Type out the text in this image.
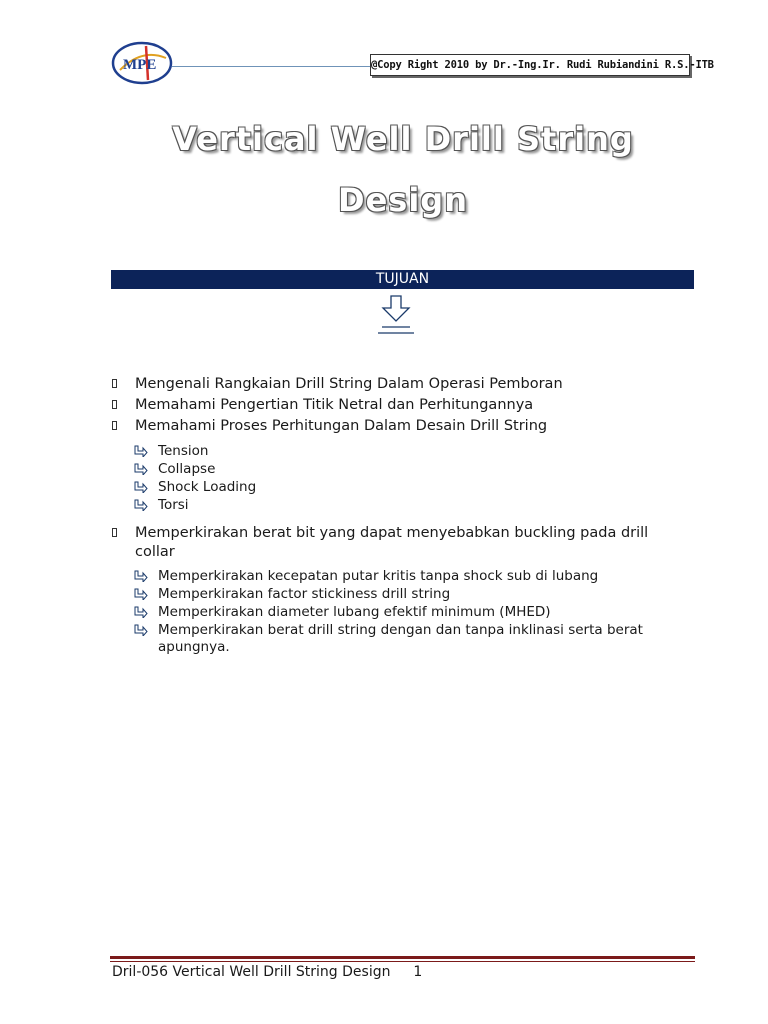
MPE	@Copy Right 2010 by Dr.-Ing.Ir. Rudi Rubiandini R.S.-ITB
Vertical Well Drill String
Design
TUJUAN
Mengenali Rangkaian Drill String Dalam Operasi Pemboran
Memahami Pengertian Titik Netral dan Perhitungannya
Memahami Proses Perhitungan Dalam Desain Drill String
Tension
Collapse
Shock Loading
Torsi
Memperkirakan berat bit yang dapat menyebabkan buckling pada drill
collar
Memperkirakan kecepatan putar kritis tanpa shock sub di lubang
Memperkirakan factor stickiness drill string
Memperkirakan diameter lubang efektif minimum (MHED)
Memperkirakan berat drill string dengan dan tanpa inklinasi serta berat
apungnya.
Dril-056 Vertical Well Drill String Design 1
